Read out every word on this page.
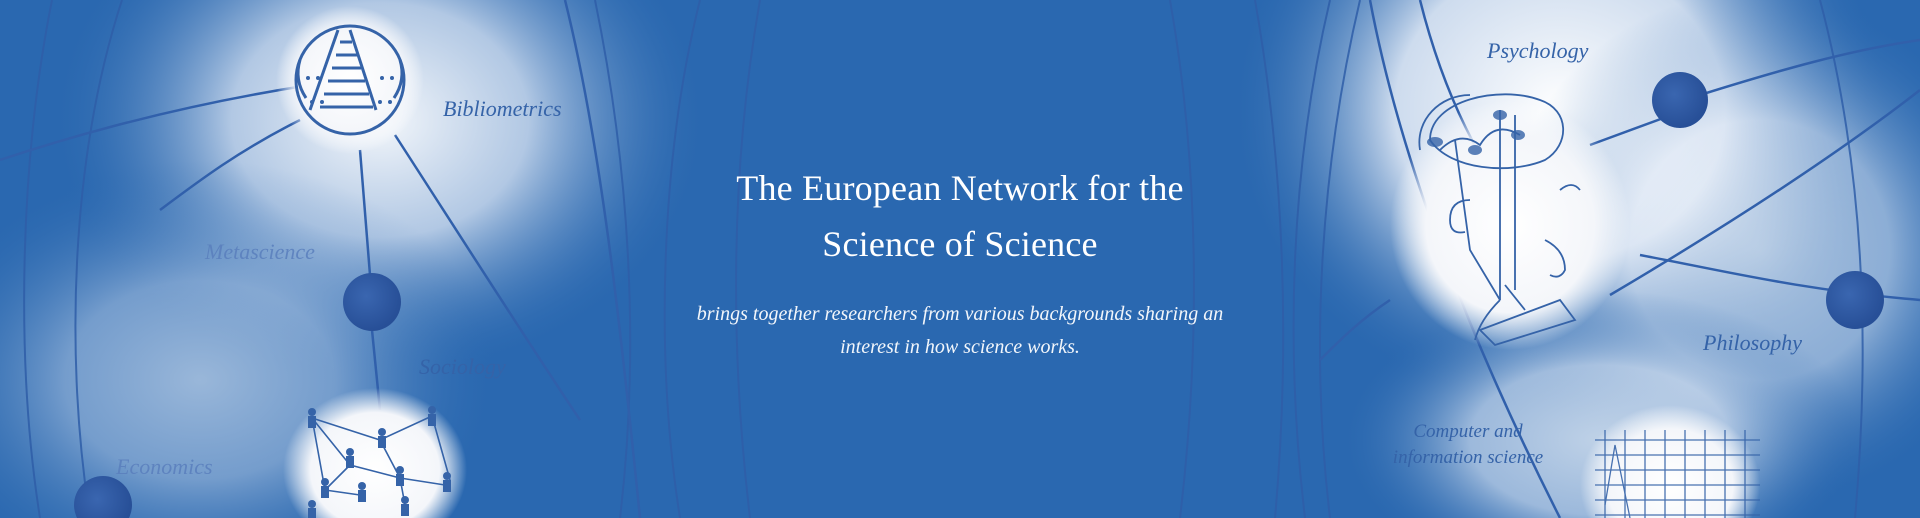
Bibliometrics
Metascience
Sociology
Economics
Psychology
Philosophy
Computer and
information science
The European Network for the
Science of Science

brings together researchers from various backgrounds sharing an interest in how science works.
